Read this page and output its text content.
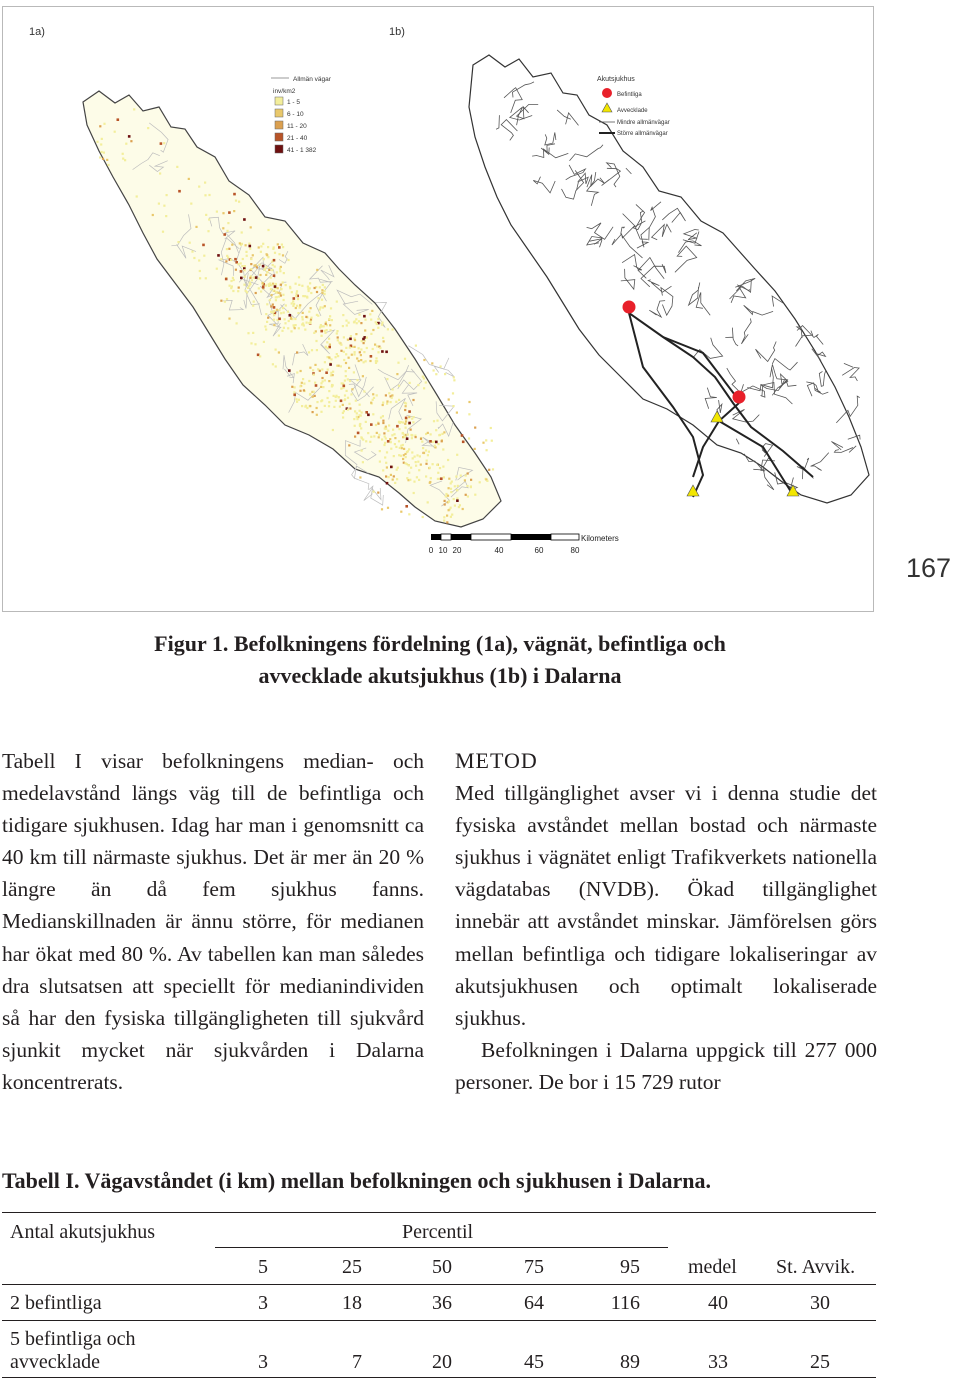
1a)	1b)
Allmän vägar
inv/km2
1 - 5
6 - 10
11 - 20
21 - 40
41 - 1 382
Akutsjukhus
Befintliga
Avvecklade
Mindre allmänvägar
Större allmänvägar
Kilometers
0 10 20	40	60	80
167
Figur 1. Befolkningens fördelning (1a), vägnät, befintliga och
avvecklade akutsjukhus (1b) i Dalarna

Tabell I visar befolkningens median- och medelavstånd längs väg till de befintliga och tidigare sjukhusen. Idag har man i genomsnitt ca 40 km till närmaste sjukhus. Det är mer än 20 % längre än då fem sjukhus fanns. Medianskillnaden är ännu större, för medianen har ökat med 80 %. Av tabellen kan man således dra slutsatsen att speciellt för medianindividen så har den fysiska tillgängligheten till sjukvård sjunkit mycket när sjukvården i Dalarna koncentrerats.

METOD

Med tillgänglighet avser vi i denna studie det fysiska avståndet mellan bostad och närmaste sjukhus i vägnätet enligt Trafikverkets nationella vägdatabas (NVDB). Ökad tillgänglighet innebär att avståndet minskar. Jämförelsen görs mellan befintliga och tidigare lokaliseringar av akutsjukhusen och optimalt lokaliserade sjukhus.

Befolkningen i Dalarna uppgick till 277 000 personer. De bor i 15 729 rutor

Tabell I. Vägavståndet (i km) mellan befolkningen och sjukhusen i Dalarna.
Antal akutsjukhus	Percentil
5	25	50	75	95 medel St. Avvik.
2 befintliga	3	18	36	64	116	40	30
5 befintliga och
avvecklade	3	7	20	45	89	33	25
